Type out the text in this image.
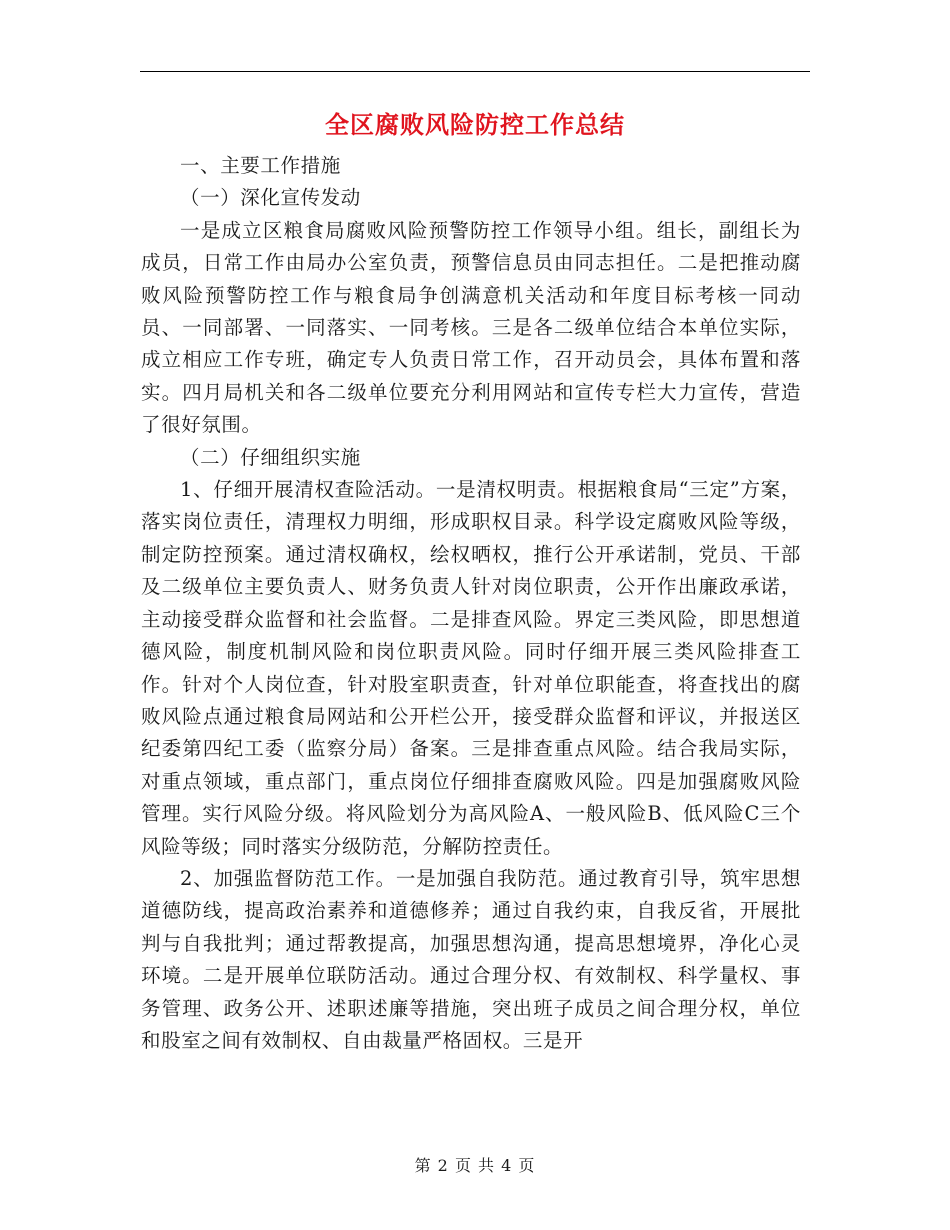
全区腐败风险防控工作总结

一、主要工作措施

（一）深化宣传发动

一是成立区粮食局腐败风险预警防控工作领导小组。组长，副组长为成员，日常工作由局办公室负责，预警信息员由同志担任。二是把推动腐败风险预警防控工作与粮食局争创满意机关活动和年度目标考核一同动员、一同部署、一同落实、一同考核。三是各二级单位结合本单位实际，成立相应工作专班，确定专人负责日常工作，召开动员会，具体布置和落实。四月局机关和各二级单位要充分利用网站和宣传专栏大力宣传，营造了很好氛围。

（二）仔细组织实施

1、仔细开展清权查险活动。一是清权明责。根据粮食局“三定”方案，落实岗位责任，清理权力明细，形成职权目录。科学设定腐败风险等级，制定防控预案。通过清权确权，绘权晒权，推行公开承诺制，党员、干部及二级单位主要负责人、财务负责人针对岗位职责，公开作出廉政承诺，主动接受群众监督和社会监督。二是排查风险。界定三类风险，即思想道德风险，制度机制风险和岗位职责风险。同时仔细开展三类风险排查工作。针对个人岗位查，针对股室职责查，针对单位职能查，将查找出的腐败风险点通过粮食局网站和公开栏公开，接受群众监督和评议，并报送区纪委第四纪工委（监察分局）备案。三是排查重点风险。结合我局实际，对重点领域，重点部门，重点岗位仔细排查腐败风险。四是加强腐败风险管理。实行风险分级。将风险划分为高风险A、一般风险B、低风险C三个风险等级；同时落实分级防范，分解防控责任。

2、加强监督防范工作。一是加强自我防范。通过教育引导，筑牢思想道德防线，提高政治素养和道德修养；通过自我约束，自我反省，开展批判与自我批判；通过帮教提高，加强思想沟通，提高思想境界，净化心灵环境。二是开展单位联防活动。通过合理分权、有效制权、科学量权、事务管理、政务公开、述职述廉等措施，突出班子成员之间合理分权，单位和股室之间有效制权、自由裁量严格固权。三是开

第 2 页 共 4 页
